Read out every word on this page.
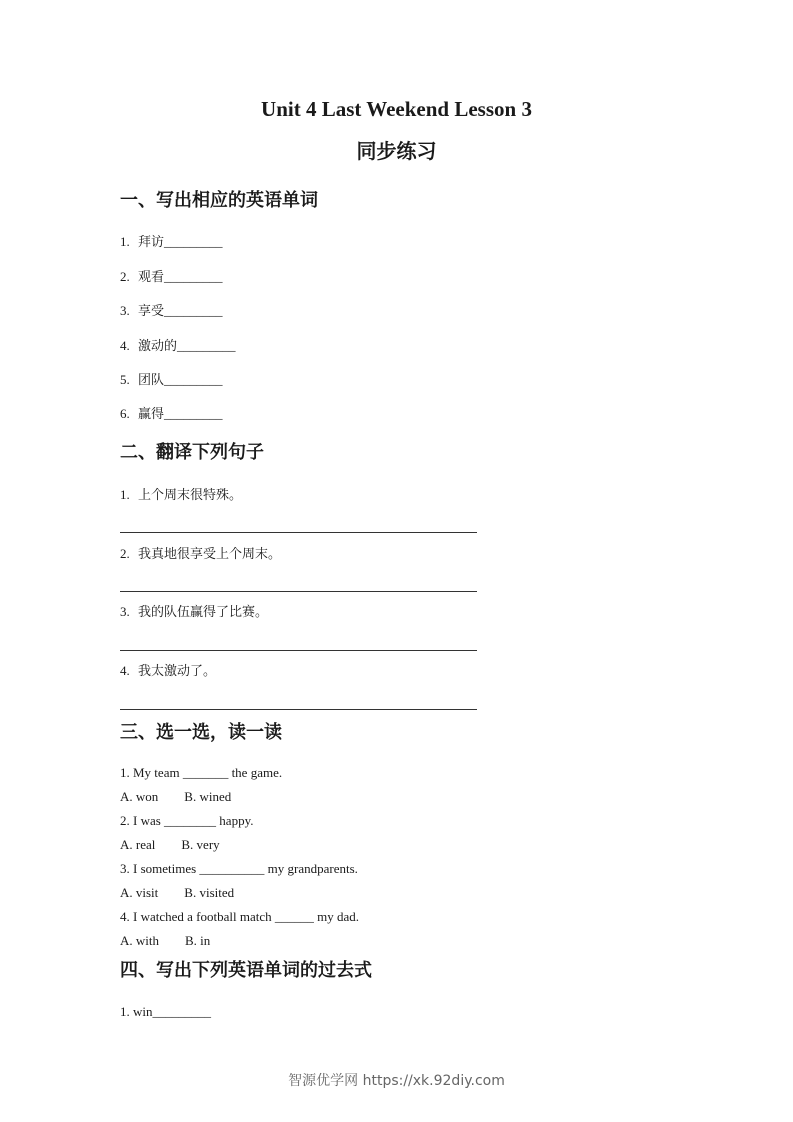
Unit 4 Last Weekend Lesson 3
同步练习
一、写出相应的英语单词
1. 拜访_________
2. 观看_________
3. 享受_________
4. 激动的_________
5. 团队_________
6. 赢得_________
二、翻译下列句子
1. 上个周末很特殊。
2. 我真地很享受上个周末。
3. 我的队伍赢得了比赛。
4. 我太激动了。
三、选一选，读一读
1. My team _______ the game.
A. won B. wined
2. I was ________ happy.
A. real B. very
3. I sometimes __________ my grandparents.
A. visit B. visited
4. I watched a football match ______ my dad.
A. with B. in
四、写出下列英语单词的过去式
1. win_________
智源优学网 https://xk.92diy.com
